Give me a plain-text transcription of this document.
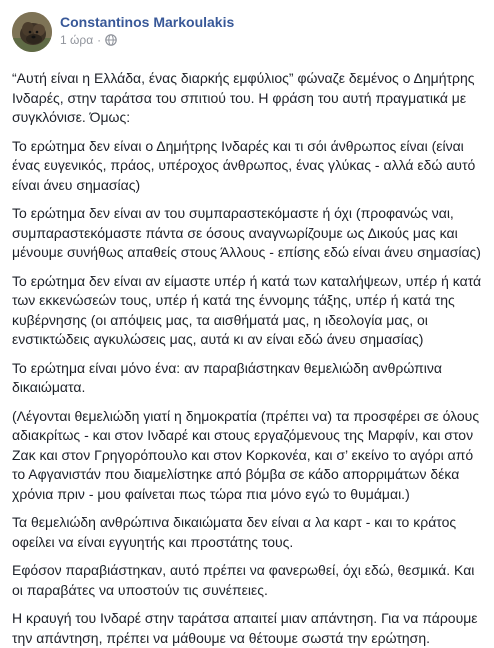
Constantinos Markoulakis
1 ώρα ·

“Αυτή είναι η Ελλάδα, ένας διαρκής εμφύλιος” φώναζε δεμένος ο Δημήτρης Ινδαρές, στην ταράτσα του σπιτιού του. Η φράση του αυτή πραγματικά με συγκλόνισε. Όμως:

Το ερώτημα δεν είναι ο Δημήτρης Ινδαρές και τι σόι άνθρωπος είναι (είναι ένας ευγενικός, πράος, υπέροχος άνθρωπος, ένας γλύκας - αλλά εδώ αυτό είναι άνευ σημασίας)

Το ερώτημα δεν είναι αν του συμπαραστεκόμαστε ή όχι (προφανώς ναι, συμπαραστεκόμαστε πάντα σε όσους αναγνωρίζουμε ως Δικούς μας και μένουμε συνήθως απαθείς στους Άλλους - επίσης εδώ είναι άνευ σημασίας)

Το ερώτημα δεν είναι αν είμαστε υπέρ ή κατά των καταλήψεων, υπέρ ή κατά των εκκενώσεών τους, υπέρ ή κατά της έννομης τάξης, υπέρ ή κατά της κυβέρνησης (οι απόψεις μας, τα αισθήματά μας, η ιδεολογία μας, οι ενστικτώδεις αγκυλώσεις μας, αυτά κι αν είναι εδώ άνευ σημασίας)

Το ερώτημα είναι μόνο ένα: αν παραβιάστηκαν θεμελιώδη ανθρώπινα δικαιώματα.

(Λέγονται θεμελιώδη γιατί η δημοκρατία (πρέπει να) τα προσφέρει σε όλους αδιακρίτως - και στον Ινδαρέ και στους εργαζόμενους της Μαρφίν, και στον Ζακ και στον Γρηγορόπουλο και στον Κορκονέα, και σ’ εκείνο το αγόρι από το Αφγανιστάν που διαμελίστηκε από βόμβα σε κάδο απορριμάτων δέκα χρόνια πριν - μου φαίνεται πως τώρα πια μόνο εγώ το θυμάμαι.)

Τα θεμελιώδη ανθρώπινα δικαιώματα δεν είναι α λα καρτ - και το κράτος οφείλει να είναι εγγυητής και προστάτης τους.

Εφόσον παραβιάστηκαν, αυτό πρέπει να φανερωθεί, όχι εδώ, θεσμικά. Και οι παραβάτες να υποστούν τις συνέπειες.

Η κραυγή του Ινδαρέ στην ταράτσα απαιτεί μιαν απάντηση. Για να πάρουμε την απάντηση, πρέπει να μάθουμε να θέτουμε σωστά την ερώτηση.
